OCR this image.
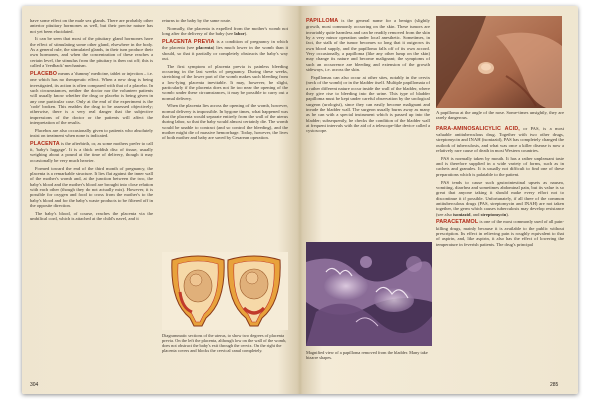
have some effect on the male sex glands. There are probably other anterior pituitary hormones as well, but their precise nature has not yet been elucidated.

It can be seen that most of the pituitary gland hormones have the effect of stimulating some other gland, elsewhere in the body. As a general rule, the stimulated glands, in their turn produce their own hormones, and when the concentration of these reaches a certain level, the stimulus from the pituitary is then cut off; this is called a 'feedback' mechanism.

PLACEBO means a 'dummy' medicine, tablet or injection – i.e. one which has no therapeutic effect. When a new drug is being investigated, its action is often compared with that of a placebo. In such circumstances, neither the doctor nor the volunteer patients will usually know whether the drug or placebo is being given in any one particular case. Only at the end of the experiment is the 'code' broken. This enables the drug to be assessed objectively; otherwise, there is a very real danger that the subjective impressions of the doctor or the patients will affect the interpretation of the results.

Placebos are also occasionally given to patients who absolutely insist on treatment when none is indicated.

PLACENTA is the afterbirth, or, as some mothers prefer to call it, 'baby's luggage'. It is a thick reddish disc of tissue, usually weighing about a pound at the time of delivery, though it may occasionally be very much heavier.

Formed toward the end of the third month of pregnancy, the placenta is a remarkable structure. It lies flat against the inner wall of the mother's womb and, at the junction between the two, the baby's blood and the mother's blood are brought into close relation with each other (though they do not actually mix). However, it is possible for oxygen and food to cross from the mother's to the baby's blood and for the baby's waste products to be filtered off in the opposite direction.

The baby's blood, of course, reaches the placenta via the umbilical cord, which is attached at the child's navel, and it

returns to the baby by the same route.

Normally, the placenta is expelled from the mother's womb not long after the delivery of the baby (see labor).

PLACENTA PREVIA is a condition of pregnancy in which the placenta (see placenta) lies much lower in the womb than it should, so that it partially or completely obstructs the baby's way out.

The first symptom of placenta previa is painless bleeding occurring in the last weeks of pregnancy. During these weeks, stretching of the lower part of the womb makes such bleeding from a low-lying placenta inevitable. It may, however, be slight, particularly if the placenta does not lie too near the opening of the womb: under these circumstances, it may be possible to carry out a normal delivery.

When the placenta lies across the opening of the womb, however, normal delivery is impossible. In bygone times, what happened was that the placenta would separate entirely from the wall of the uterus during labor, so that the baby would almost certainly die. The womb would be unable to contract (and so control the bleeding), and the mother might die of massive hemorrhage. Today, however, the lives of both mother and baby are saved by Cesarean operation.

Diagrammatic sections of the uterus, to show two degrees of placenta previa. On the left the placenta, although low on the wall of the womb, does not obstruct the baby's exit through the cervix. On the right the placenta covers and blocks the cervical canal completely.
304

PAPILLOMA is the general name for a benign (slightly growth, most commonly occurring on the skin. These tumors are invariably quite harmless and can be readily removed from the skin by a very minor operation under local anesthetic. Sometimes, in fact, the stalk of the tumor becomes so long that it outgrows its own blood supply, and the papilloma falls off of its own accord. Very occasionally, a papilloma (like any other lump on the skin) may change its nature and become malignant; the symptoms of such an occurrence are bleeding and extension of the growth sideways, i.e. across the skin.

Papillomas can also occur at other sites, notably in the cervix (neck of the womb) or in the bladder itself. Multiple papillomata of a rather different nature occur inside the wall of the bladder, where they give rise to bleeding into the urine. This type of bladder papilloma must be kept under careful observation by the urological surgeon (urologist), since they can easily become malignant and invade the bladder wall. The surgeon usually burns away as many as he can with a special instrument which is passed up into the bladder; subsequently, he checks the condition of the bladder wall at frequent intervals with the aid of a telescope-like device called a cystoscope.

Magnified view of a papilloma removed from the bladder. Many take bizarre shapes.

A papilloma at the angle of the nose. Some-times unsightly, they are rarely dangerous.

PARA-AMINOSALICYLIC ACID, or PAS, is a most valuable antituberculous drug. Together with two other drugs, streptomycin and INAH (isoniazid), PAS has completely changed the outlook of tuberculosis, and what was once a killer disease is now a relatively rare cause of death in most Western countries.

PAS is normally taken by mouth. It has a rather unpleasant taste and is therefore supplied in a wide variety of forms, such as in cachets and granules. It is usually not difficult to find one of these preparations which is palatable to the patient.

PAS tends to cause such gastrointestinal upsets as nausea, vomiting, diarrhea and sometimes abdominal pain, but its value is so great that anyone taking it should make every effort not to discontinue it if possible. Unfortunately, if all three of the common antituberculous drugs (PAS, streptomycin and INAH) are not taken together, the germ which causes tuberculosis may develop resistance (see also isoniazid, and streptomycin).

PARACETAMOL is one of the most commonly used of all pain-killing drugs, mainly because it is available to the public without prescription. Its effect in relieving pain is roughly equivalent to that of aspirin, and, like aspirin, it also has the effect of lowering the temperature in feverish patients. The drug's principal

285
